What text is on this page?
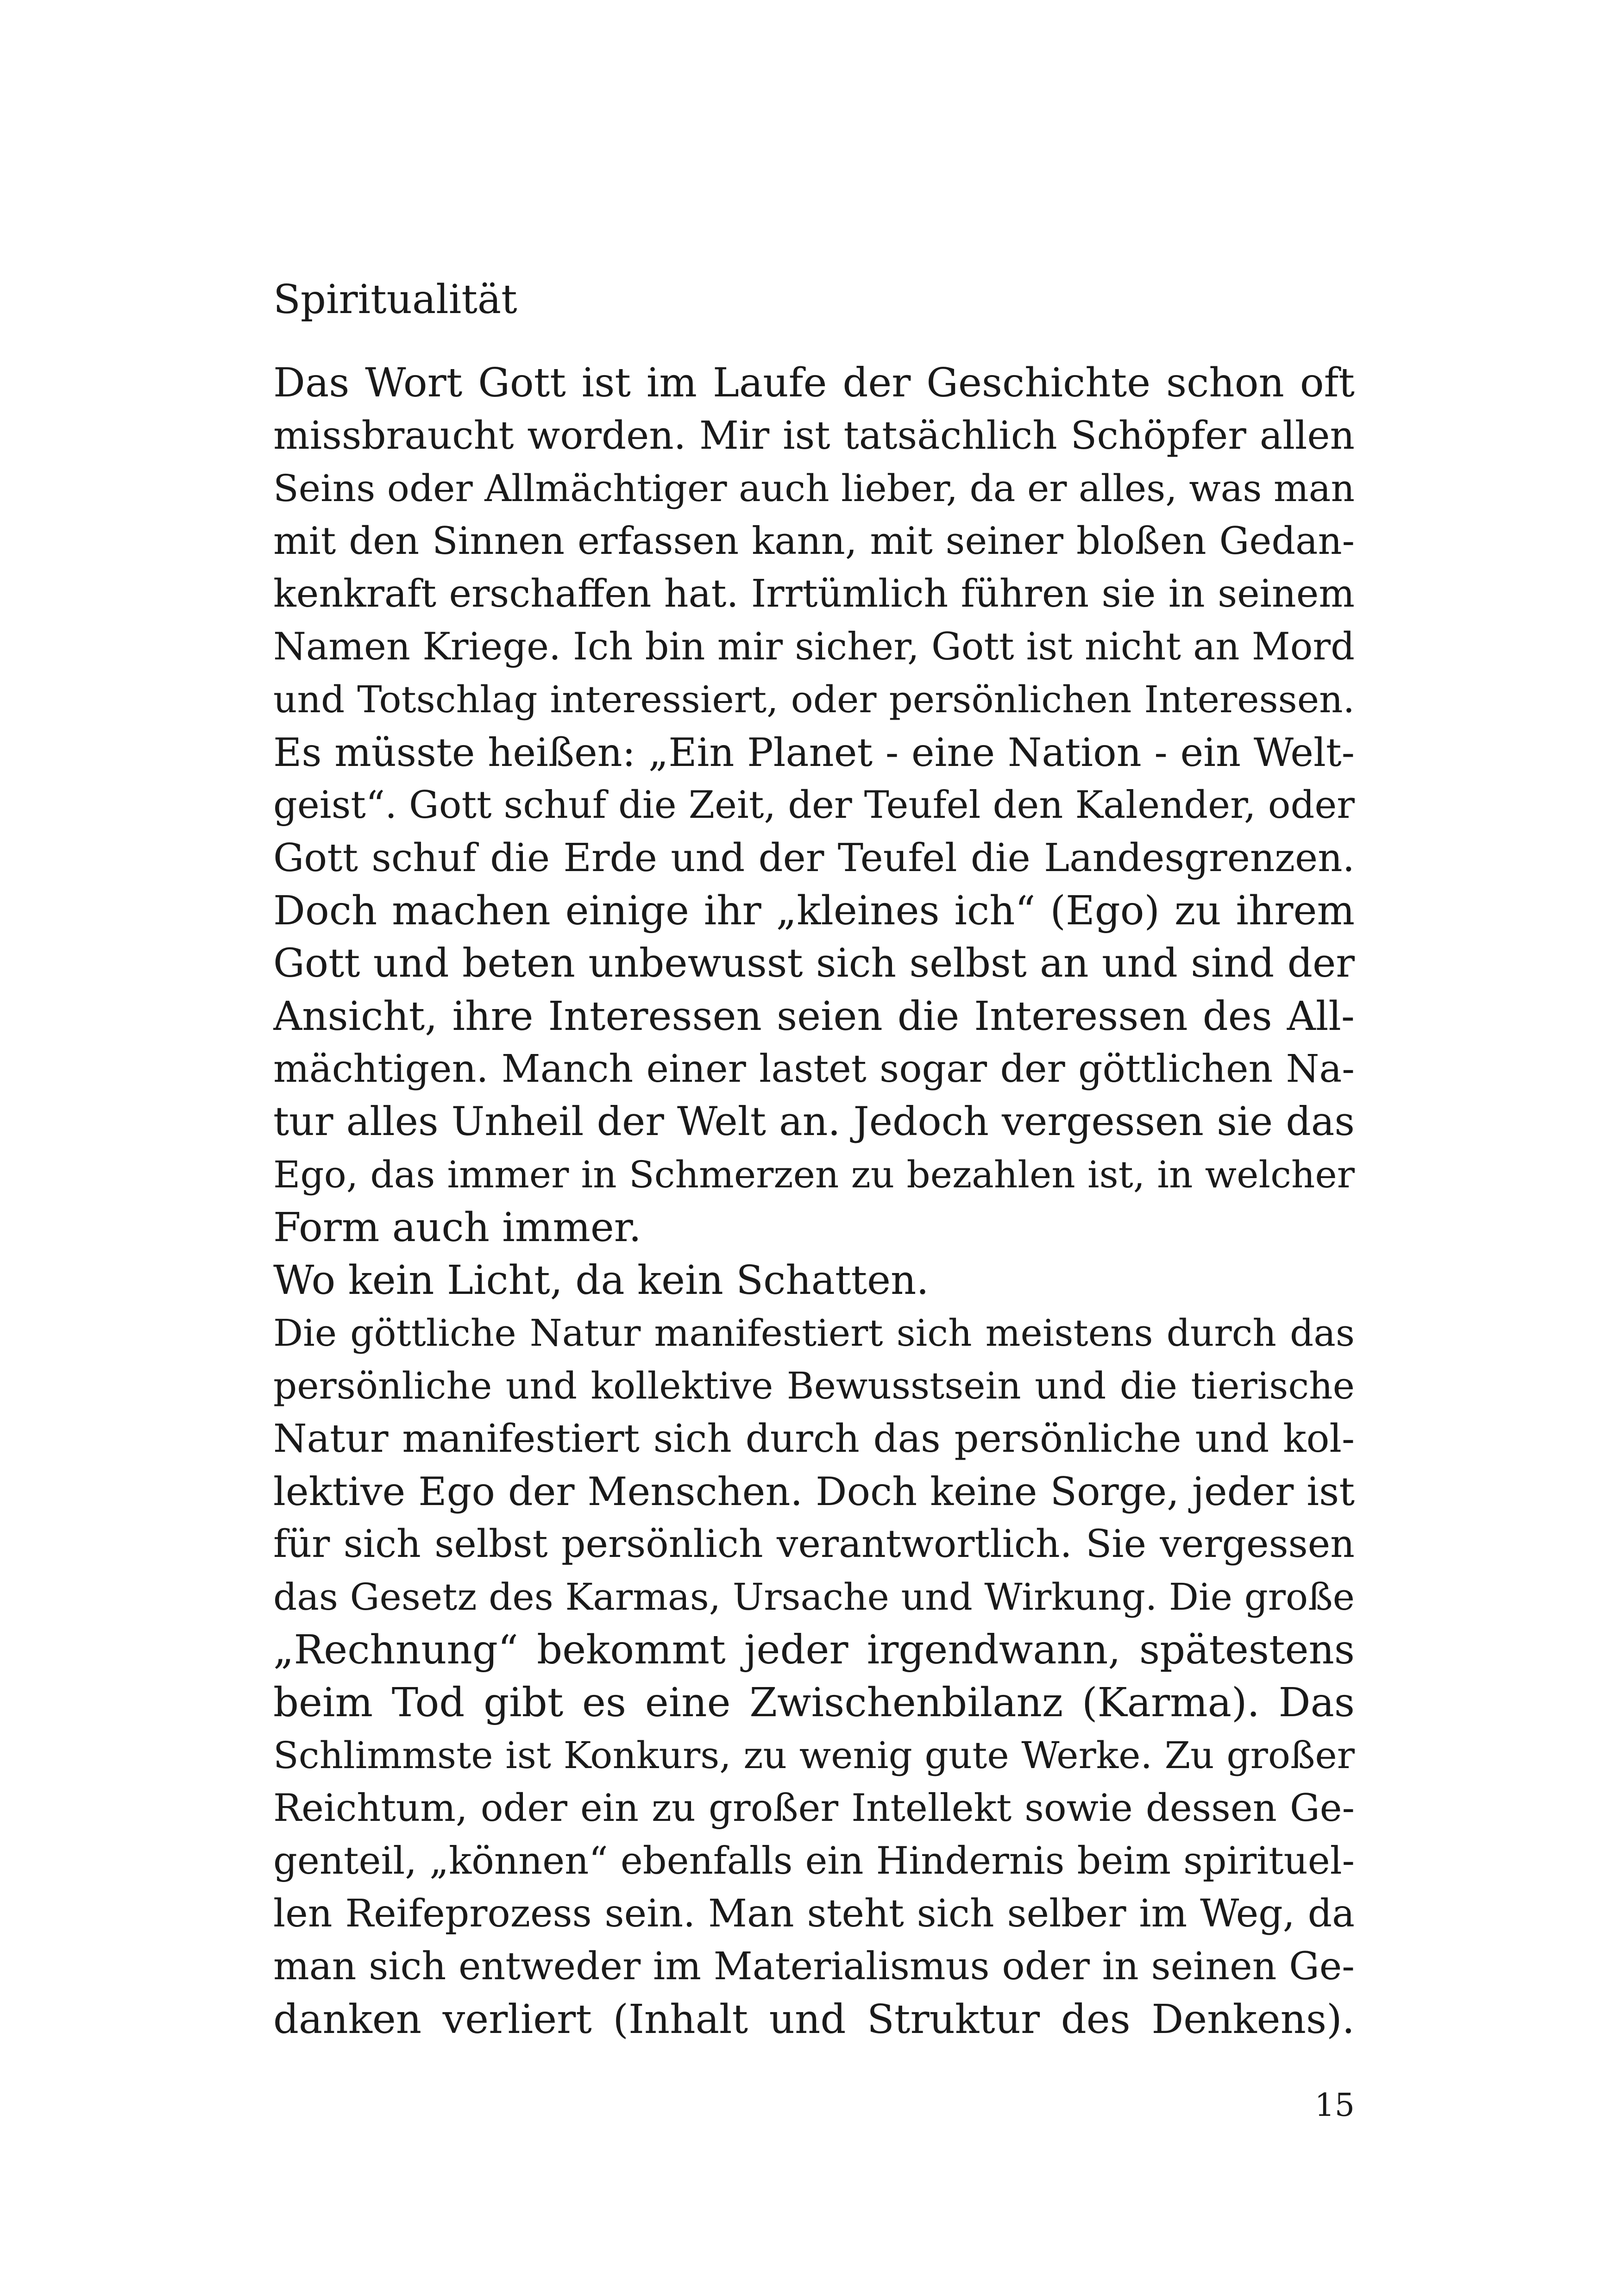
Spiritualität
Das Wort Gott ist im Laufe der Geschichte schon oft
missbraucht worden. Mir ist tatsächlich Schöpfer allen
Seins oder Allmächtiger auch lieber, da er alles, was man
mit den Sinnen erfassen kann, mit seiner bloßen Gedan-
kenkraft erschaffen hat. Irrtümlich führen sie in seinem
Namen Kriege. Ich bin mir sicher, Gott ist nicht an Mord
und Totschlag interessiert, oder persönlichen Interessen.
Es müsste heißen: „Ein Planet - eine Nation - ein Welt-
geist“. Gott schuf die Zeit, der Teufel den Kalender, oder
Gott schuf die Erde und der Teufel die Landesgrenzen.
Doch machen einige ihr „kleines ich“ (Ego) zu ihrem
Gott und beten unbewusst sich selbst an und sind der
Ansicht, ihre Interessen seien die Interessen des All-
mächtigen. Manch einer lastet sogar der göttlichen Na-
tur alles Unheil der Welt an. Jedoch vergessen sie das
Ego, das immer in Schmerzen zu bezahlen ist, in welcher
Form auch immer.
Wo kein Licht, da kein Schatten.
Die göttliche Natur manifestiert sich meistens durch das
persönliche und kollektive Bewusstsein und die tierische
Natur manifestiert sich durch das persönliche und kol-
lektive Ego der Menschen. Doch keine Sorge, jeder ist
für sich selbst persönlich verantwortlich. Sie vergessen
das Gesetz des Karmas, Ursache und Wirkung. Die große
„Rechnung“ bekommt jeder irgendwann, spätestens
beim Tod gibt es eine Zwischenbilanz (Karma). Das
Schlimmste ist Konkurs, zu wenig gute Werke. Zu großer
Reichtum, oder ein zu großer Intellekt sowie dessen Ge-
genteil, „können“ ebenfalls ein Hindernis beim spirituel-
len Reifeprozess sein. Man steht sich selber im Weg, da
man sich entweder im Materialismus oder in seinen Ge-
danken verliert (Inhalt und Struktur des Denkens).
15
